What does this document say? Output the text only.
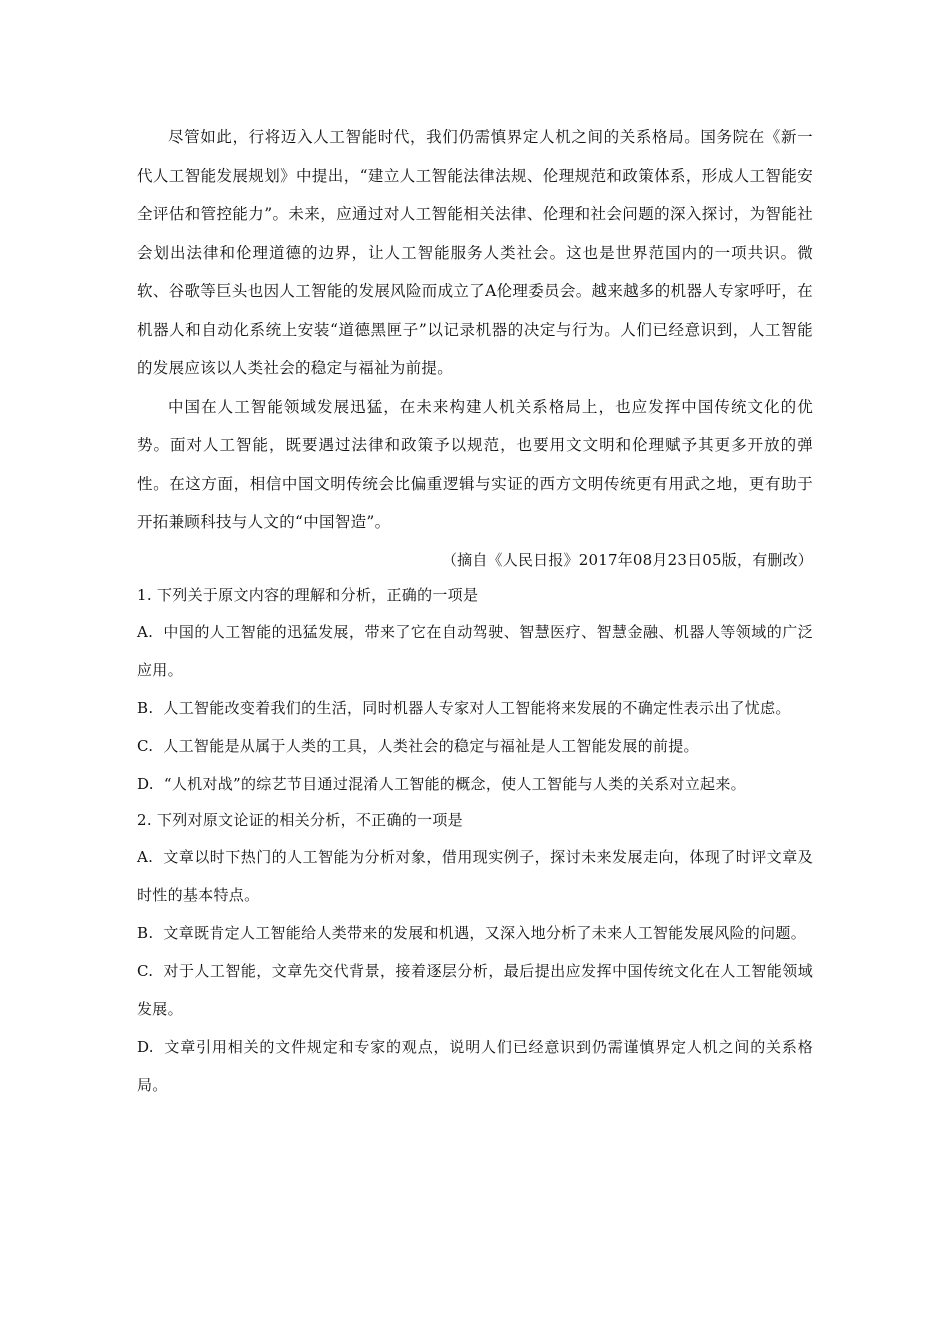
尽管如此，行将迈入人工智能时代，我们仍需慎界定人机之间的关系格局。国务院在《新一代人工智能发展规划》中提出，“建立人工智能法律法规、伦理规范和政策体系，形成人工智能安全评估和管控能力”。未来，应通过对人工智能相关法律、伦理和社会问题的深入探讨，为智能社会划出法律和伦理道德的边界，让人工智能服务人类社会。这也是世界范国内的一项共识。微软、谷歌等巨头也因人工智能的发展风险而成立了A伦理委员会。越来越多的机器人专家呼吁，在机器人和自动化系统上安装“道德黑匣子”以记录机器的决定与行为。人们已经意识到，人工智能的发展应该以人类社会的稳定与福祉为前提。

中国在人工智能领域发展迅猛，在未来构建人机关系格局上，也应发挥中国传统文化的优势。面对人工智能，既要遇过法律和政策予以规范，也要用文文明和伦理赋予其更多开放的弹性。在这方面，相信中国文明传统会比偏重逻辑与实证的西方文明传统更有用武之地，更有助于开拓兼顾科技与人文的“中国智造”。

（摘自《人民日报》2017年08月23日05版，有删改）

1. 下列关于原文内容的理解和分析，正确的一项是

A. 中国的人工智能的迅猛发展，带来了它在自动驾驶、智慧医疗、智慧金融、机器人等领域的广泛应用。

B. 人工智能改变着我们的生活，同时机器人专家对人工智能将来发展的不确定性表示出了忧虑。

C. 人工智能是从属于人类的工具，人类社会的稳定与福祉是人工智能发展的前提。

D. “人机对战”的综艺节目通过混淆人工智能的概念，使人工智能与人类的关系对立起来。

2. 下列对原文论证的相关分析，不正确的一项是

A. 文章以时下热门的人工智能为分析对象，借用现实例子，探讨未来发展走向，体现了时评文章及时性的基本特点。

B. 文章既肯定人工智能给人类带来的发展和机遇，又深入地分析了未来人工智能发展风险的问题。

C. 对于人工智能，文章先交代背景，接着逐层分析，最后提出应发挥中国传统文化在人工智能领域发展。

D. 文章引用相关的文件规定和专家的观点，说明人们已经意识到仍需谨慎界定人机之间的关系格局。
